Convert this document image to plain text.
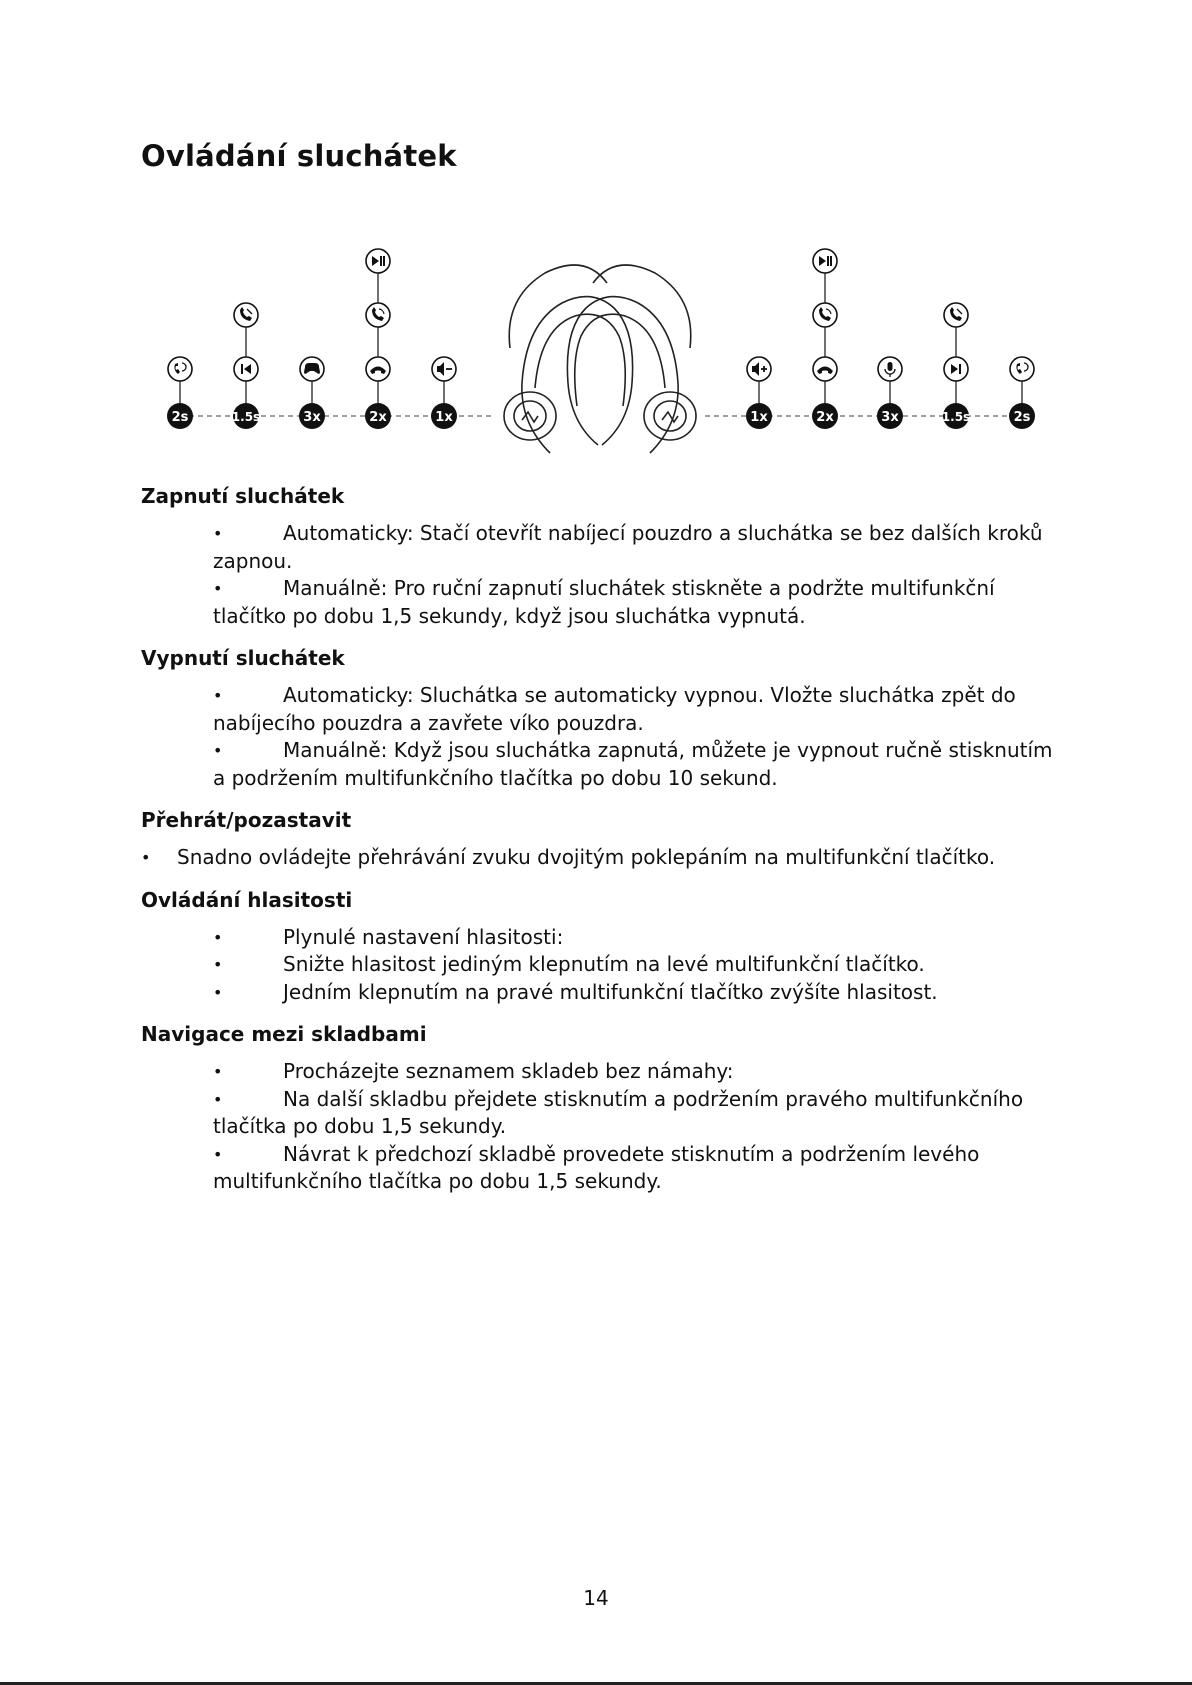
Ovládání sluchátek
2s	1.5s	3x	2x	1x	1x	2x	3x	1.5s	2s
Zapnutí sluchátek
• Automaticky: Stačí otevřít nabíjecí pouzdro a sluchátka se bez dalších kroků zapnou.
• Manuálně: Pro ruční zapnutí sluchátek stiskněte a podržte multifunkční tlačítko po dobu 1,5 sekundy, když jsou sluchátka vypnutá.
Vypnutí sluchátek
• Automaticky: Sluchátka se automaticky vypnou. Vložte sluchátka zpět do nabíjecího pouzdra a zavřete víko pouzdra.
• Manuálně: Když jsou sluchátka zapnutá, můžete je vypnout ručně stisknutím a podržením multifunkčního tlačítka po dobu 10 sekund.
Přehrát/pozastavit
• Snadno ovládejte přehrávání zvuku dvojitým poklepáním na multifunkční tlačítko.
Ovládání hlasitosti
• Plynulé nastavení hlasitosti:
• Snižte hlasitost jediným klepnutím na levé multifunkční tlačítko.
• Jedním klepnutím na pravé multifunkční tlačítko zvýšíte hlasitost.
Navigace mezi skladbami
• Procházejte seznamem skladeb bez námahy:
• Na další skladbu přejdete stisknutím a podržením pravého multifunkčního tlačítka po dobu 1,5 sekundy.
• Návrat k předchozí skladbě provedete stisknutím a podržením levého multifunkčního tlačítka po dobu 1,5 sekundy.
14
